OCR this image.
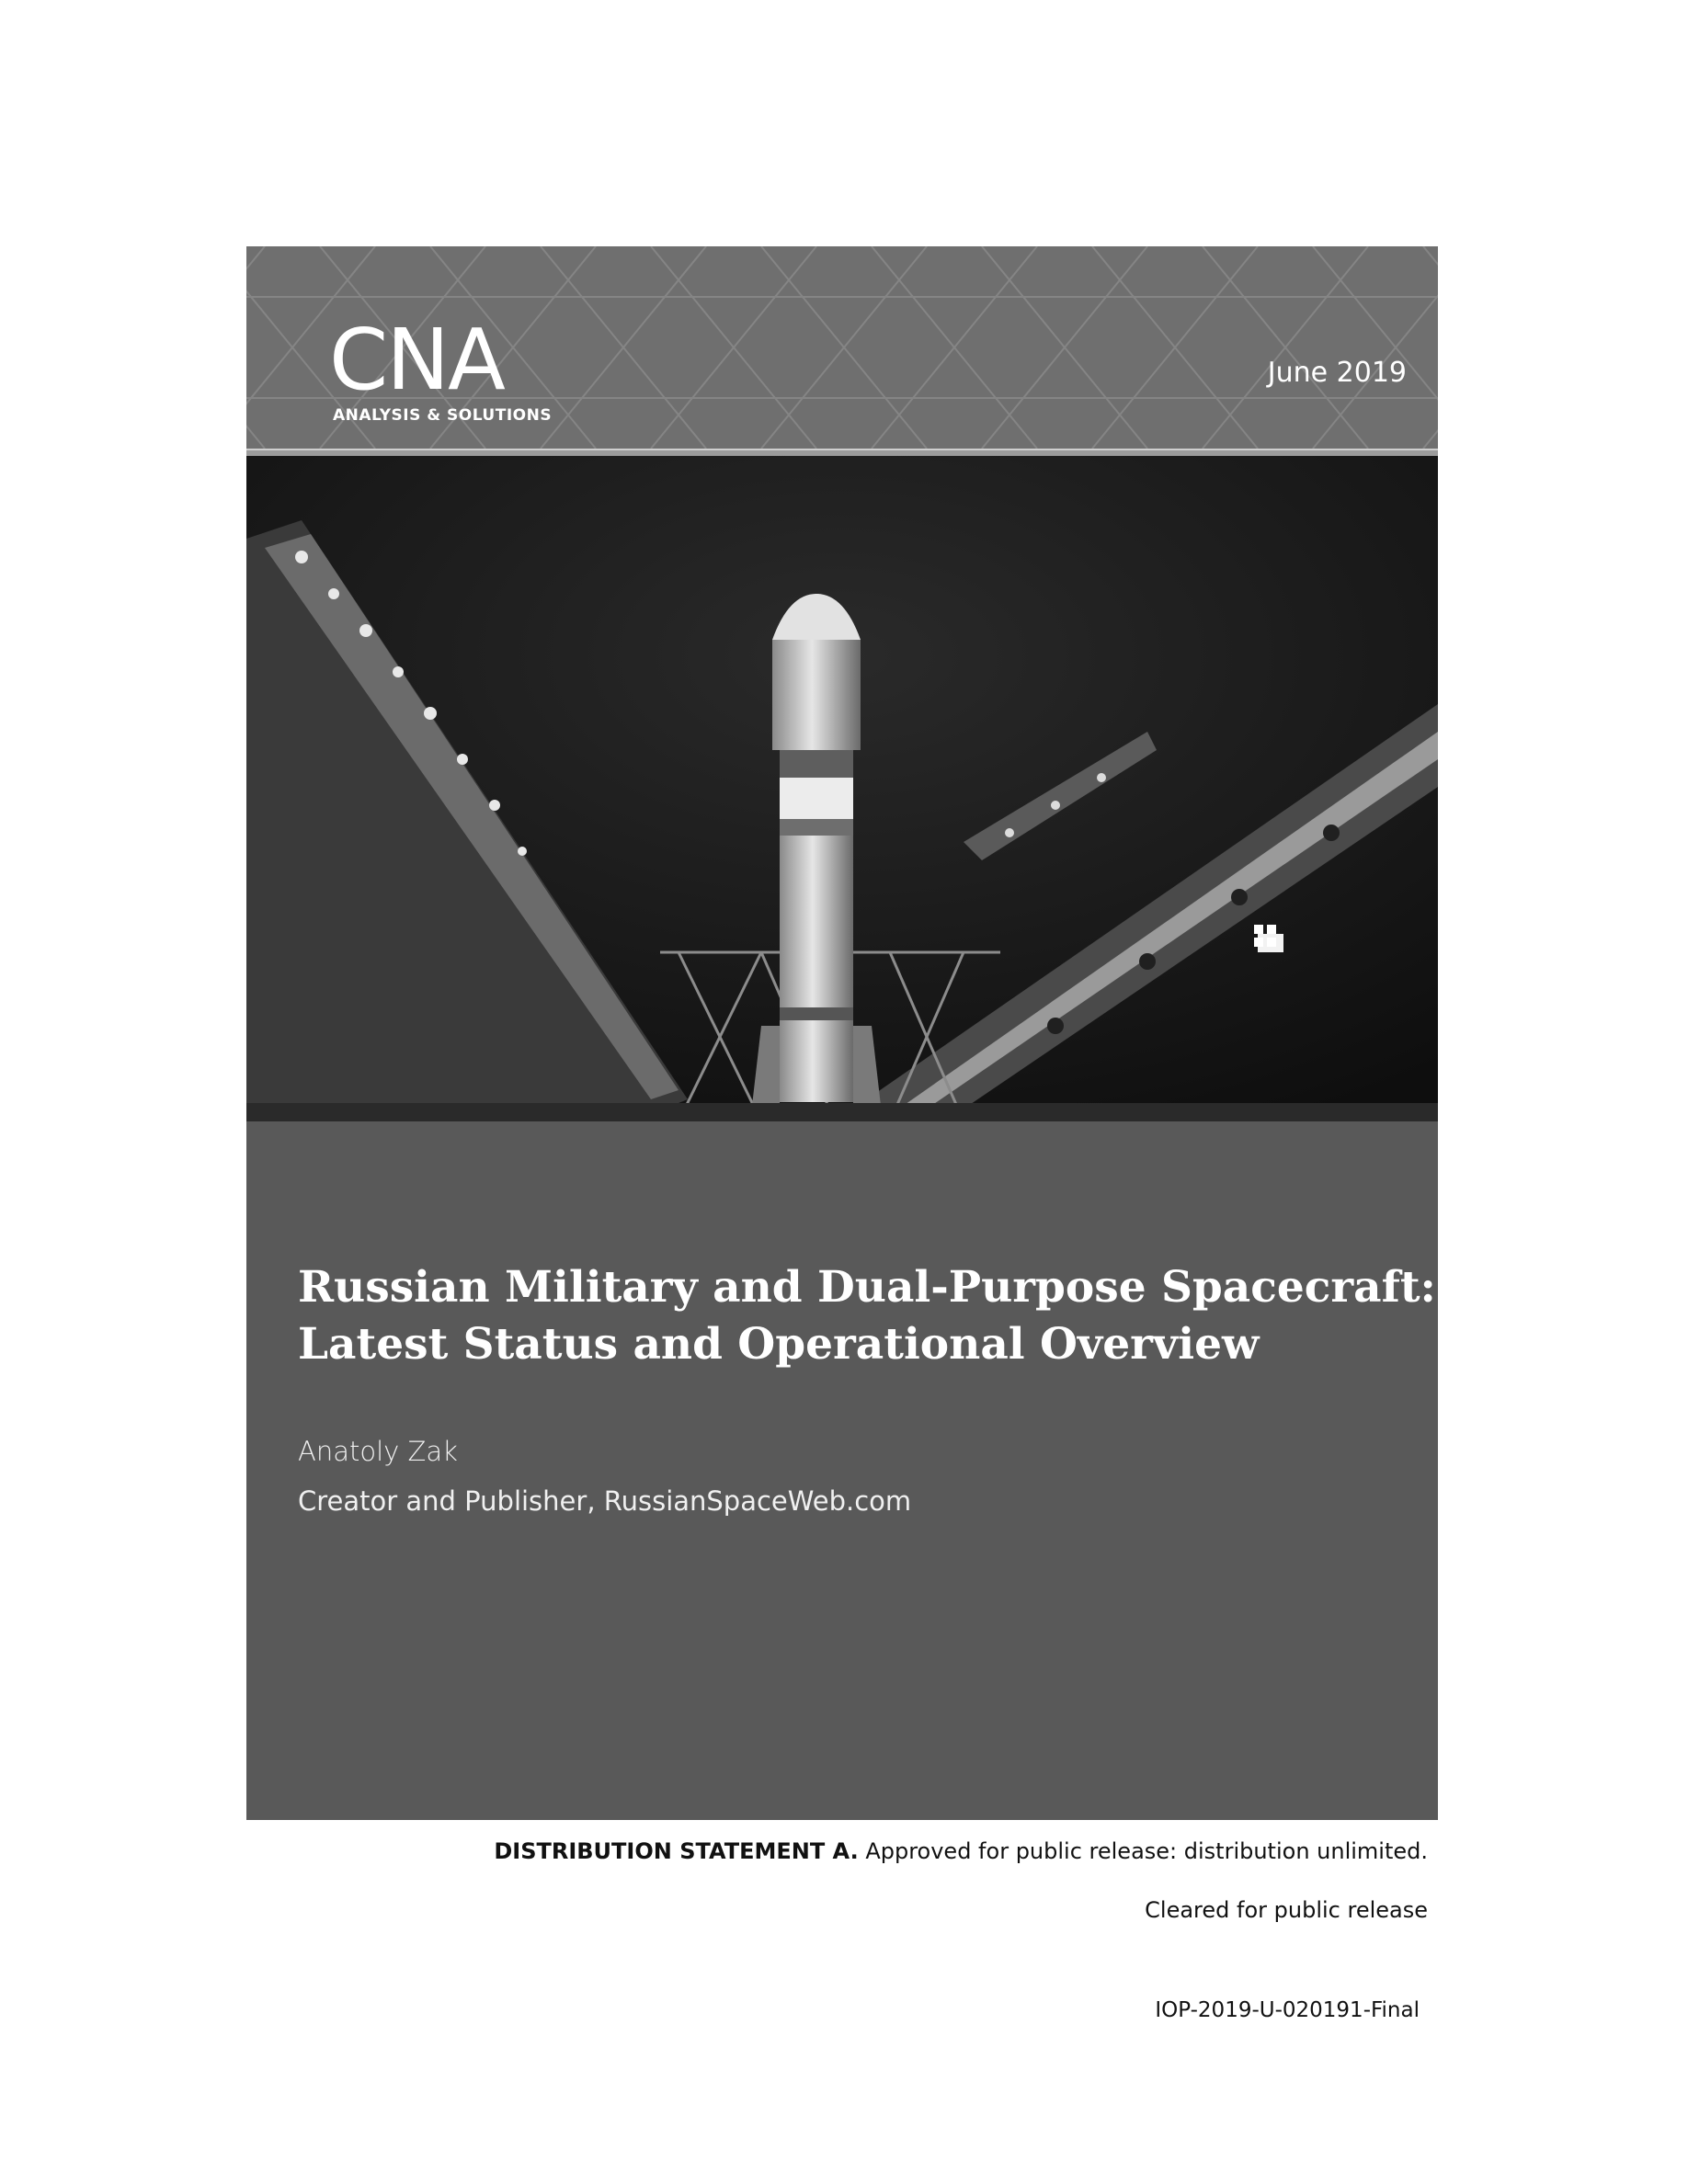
CNA
ANALYSIS & SOLUTIONS
June 2019
Russian Military and Dual-Purpose Spacecraft:
Latest Status and Operational Overview
Anatoly Zak
Creator and Publisher, RussianSpaceWeb.com
DISTRIBUTION STATEMENT A. Approved for public release: distribution unlimited.
Cleared for public release
IOP-2019-U-020191-Final
